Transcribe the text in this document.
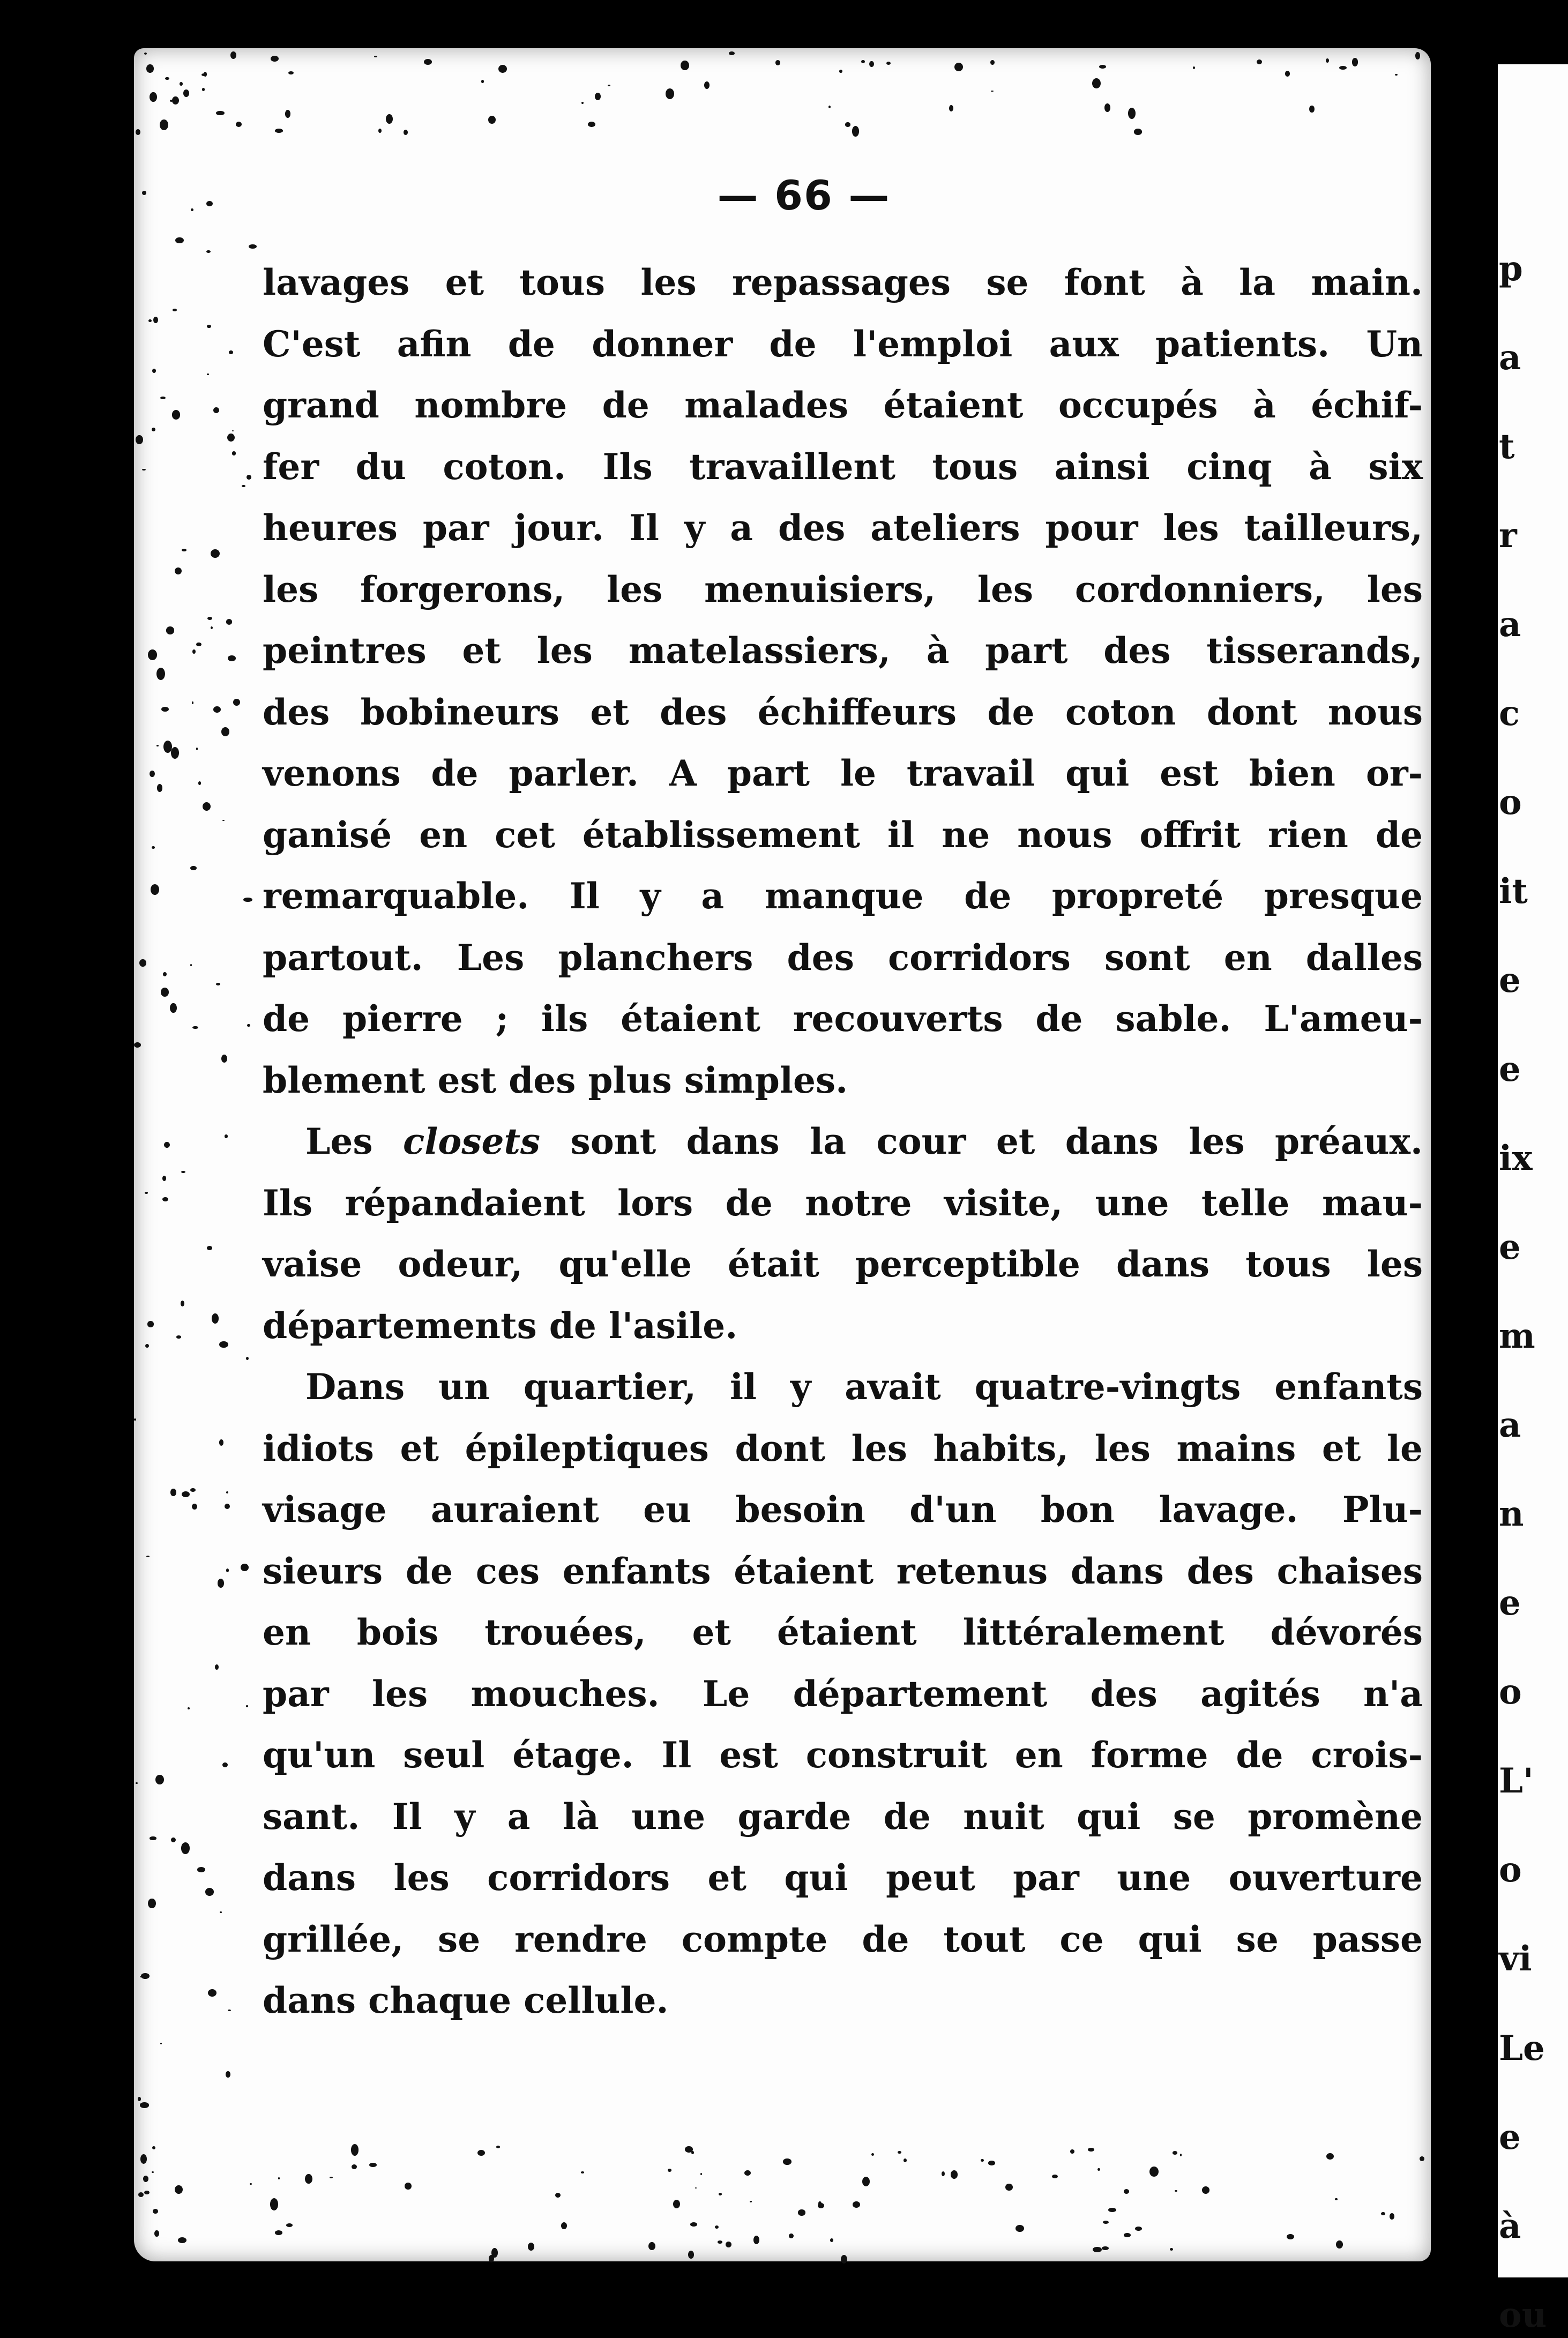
— 66 —
p
a
t
r
a
c
o
it
e
e
ix
e
m
a
n
e
o
L'
o
vi
Le
e
à
ou
lavages et tous les repassages se font à la main.
C'est afin de donner de l'emploi aux patients. Un
grand nombre de malades étaient occupés à échif-
fer du coton. Ils travaillent tous ainsi cinq à six
heures par jour. Il y a des ateliers pour les tailleurs,
les forgerons, les menuisiers, les cordonniers, les
peintres et les matelassiers, à part des tisserands,
des bobineurs et des échiffeurs de coton dont nous
venons de parler. A part le travail qui est bien or-
ganisé en cet établissement il ne nous offrit rien de
remarquable. Il y a manque de propreté presque
partout. Les planchers des corridors sont en dalles
de pierre ; ils étaient recouverts de sable. L'ameu-
blement est des plus simples.
Les closets sont dans la cour et dans les préaux.
Ils répandaient lors de notre visite, une telle mau-
vaise odeur, qu'elle était perceptible dans tous les
départements de l'asile.
Dans un quartier, il y avait quatre-vingts enfants
idiots et épileptiques dont les habits, les mains et le
visage auraient eu besoin d'un bon lavage. Plu-
sieurs de ces enfants étaient retenus dans des chaises
en bois trouées, et étaient littéralement dévorés
par les mouches. Le département des agités n'a
qu'un seul étage. Il est construit en forme de crois-
sant. Il y a là une garde de nuit qui se promène
dans les corridors et qui peut par une ouverture
grillée, se rendre compte de tout ce qui se passe
dans chaque cellule.
